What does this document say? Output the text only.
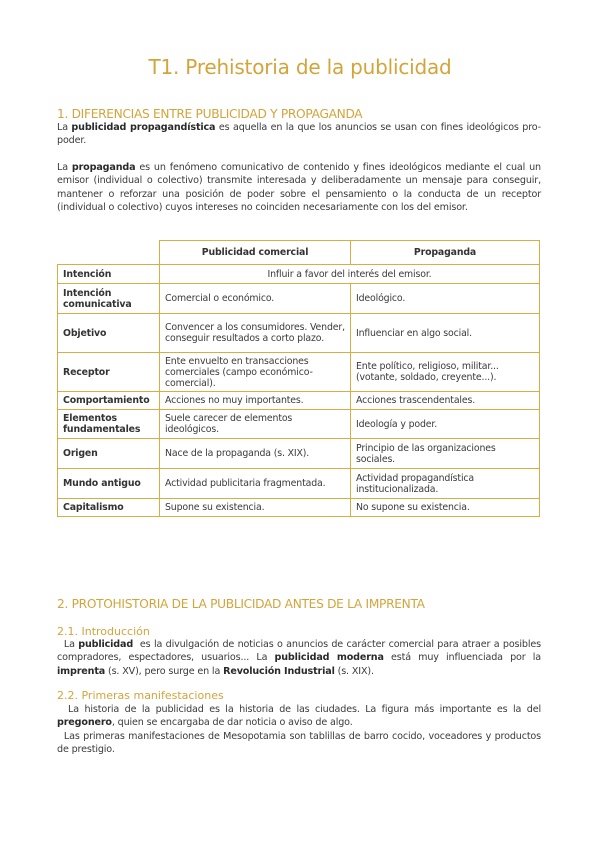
T1. Prehistoria de la publicidad
1. DIFERENCIAS ENTRE PUBLICIDAD Y PROPAGANDA
La publicidad propagandística es aquella en la que los anuncios se usan con fines ideológicos pro-poder.
La propaganda es un fenómeno comunicativo de contenido y fines ideológicos mediante el cual un emisor (individual o colectivo) transmite interesada y deliberadamente un mensaje para conseguir, mantener o reforzar una posición de poder sobre el pensamiento o la conducta de un receptor (individual o colectivo) cuyos intereses no coinciden necesariamente con los del emisor.
	Publicidad comercial	Propaganda
Intención	Influir a favor del interés del emisor.	
Intención comunicativa	Comercial o económico.	Ideológico.
Objetivo	Convencer a los consumidores. Vender, conseguir resultados a corto plazo.	Influenciar en algo social.
Receptor	Ente envuelto en transacciones comerciales (campo económico-comercial).	Ente político, religioso, militar... (votante, soldado, creyente...).
Comportamiento	Acciones no muy importantes.	Acciones trascendentales.
Elementos fundamentales	Suele carecer de elementos ideológicos.	Ideología y poder.
Origen	Nace de la propaganda (s. XIX).	Principio de las organizaciones sociales.
Mundo antiguo	Actividad publicitaria fragmentada.	Actividad propagandística institucionalizada.
Capitalismo	Supone su existencia.	No supone su existencia.
2. PROTOHISTORIA DE LA PUBLICIDAD ANTES DE LA IMPRENTA
2.1. Introducción
La publicidad  es la divulgación de noticias o anuncios de carácter comercial para atraer a posibles compradores, espectadores, usuarios... La publicidad moderna está muy influenciada por la imprenta (s. XV), pero surge en la Revolución Industrial (s. XIX).
2.2. Primeras manifestaciones
La historia de la publicidad es la historia de las ciudades. La figura más importante es la del pregonero, quien se encargaba de dar noticia o aviso de algo.
Las primeras manifestaciones de Mesopotamia son tablillas de barro cocido, voceadores y productos de prestigio.
